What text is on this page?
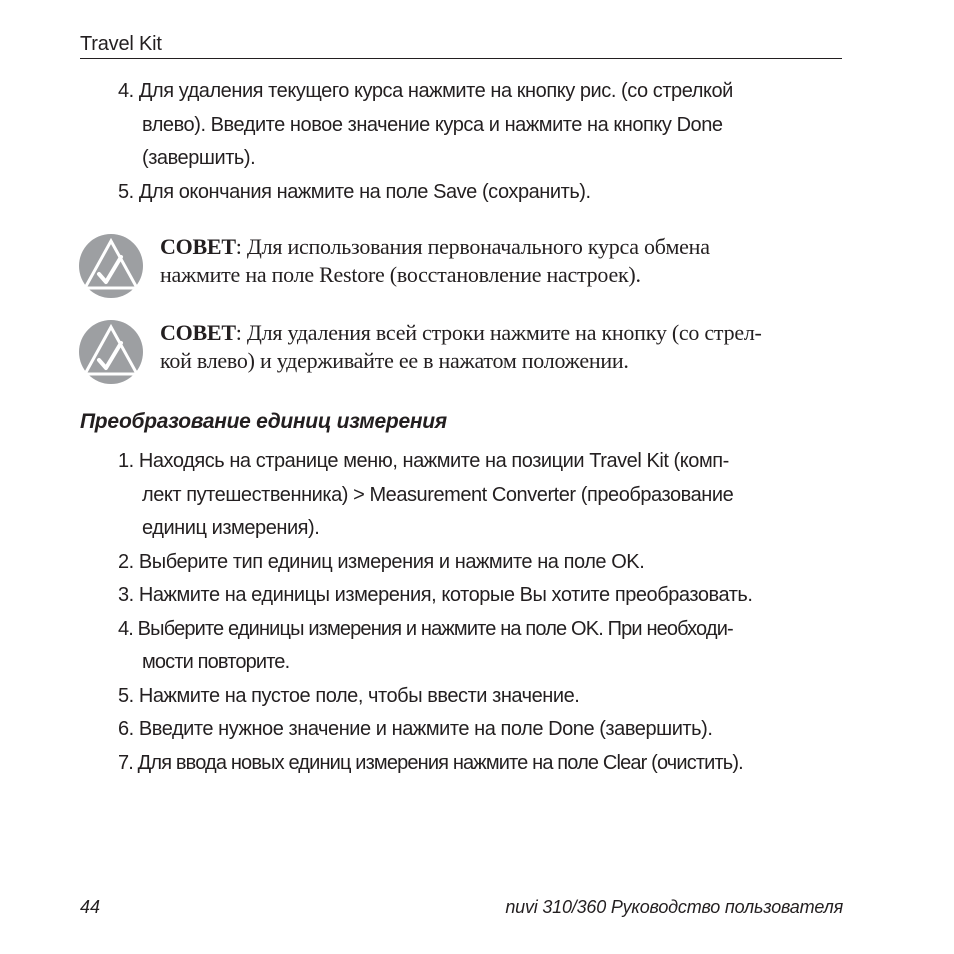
Travel Kit
4. Для удаления текущего курса нажмите на кнопку рис. (со стрелкой
влево). Введите новое значение курса и нажмите на кнопку Done
(завершить).
5. Для окончания нажмите на поле Save (сохранить).
СОВЕТ: Для использования первоначального курса обмена
нажмите на поле Restore (восстановление настроек).
СОВЕТ: Для удаления всей строки нажмите на кнопку (со стрел-
кой влево) и удерживайте ее в нажатом положении.
Преобразование единиц измерения
1. Находясь на странице меню, нажмите на позиции Travel Kit (комп-
лект путешественника) > Measurement Converter (преобразование
единиц измерения).
2. Выберите тип единиц измерения и нажмите на поле OK.
3. Нажмите на единицы измерения, которые Вы хотите преобразовать.
4. Выберите единицы измерения и нажмите на поле OK. При необходи-
мости повторите.
5. Нажмите на пустое поле, чтобы ввести значение.
6. Введите нужное значение и нажмите на поле Done (завершить).
7. Для ввода новых единиц измерения нажмите на поле Clear (очистить).
44	nuvi 310/360 Руководство пользователя
